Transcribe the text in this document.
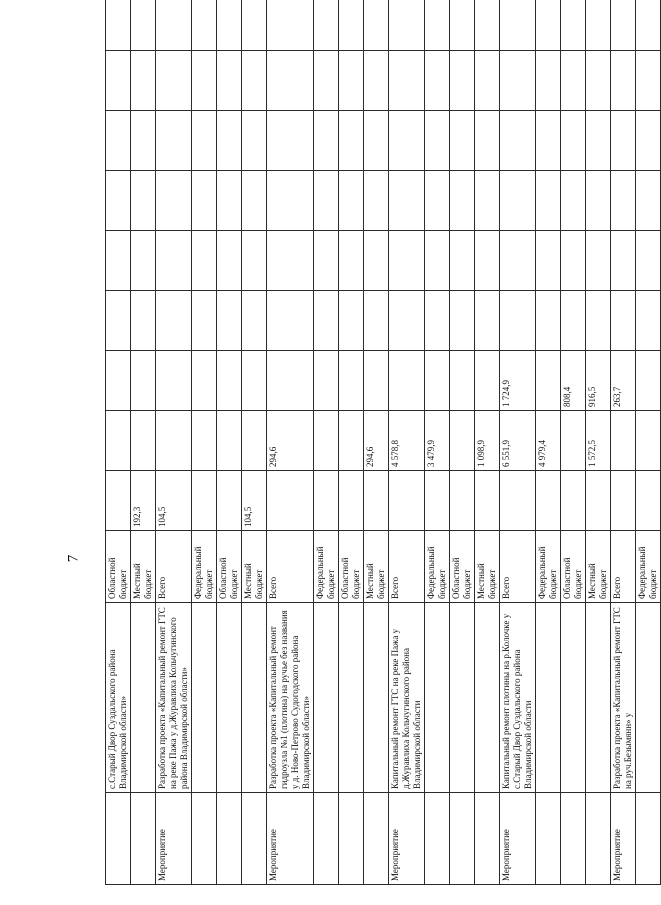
7
	с.Старый Двор Суздальского района Владимирской области»	Областной бюджет												
		Местный бюджет	192,3											
Мероприятие	Разработка проекта «Капитальный ремонт ГТС на реке Пажа у д.Журавлиха Кольчугинского района Владимирской области»	Всего	104,5											
		Федеральный бюджет												
		Областной бюджет												
		Местный бюджет	104,5											
Мероприятие	Разработка проекта «Капитальный ремонт гидроузла №1 (плотина) на ручье без названия у д. Ново-Петрово Судогодского района Владимирской области»	Всего		294,6										
		Федеральный бюджет												
		Областной бюджет												
		Местный бюджет		294,6										
Мероприятие	Капитальный ремонт ГТС на реке Пажа у д.Журавлиха Кольчугинского района Владимирской области	Всего		4 578,8										
		Федеральный бюджет		3 479,9										
		Областной бюджет												
		Местный бюджет		1 098,9										
Мероприятие	Капитальный ремонт плотины на р.Колочке у с.Старый Двор Суздальского района Владимирской области	Всего		6 551,9	1 724,9									
		Федеральный бюджет		4 979,4										
		Областной бюджет			808,4									
		Местный бюджет		1 572,5	916,5									
Мероприятие	Разработка проекта «Капитальный ремонт ГТС на руч.Безымянн» у	Всего			263,7									
		Федеральный бюджет												
